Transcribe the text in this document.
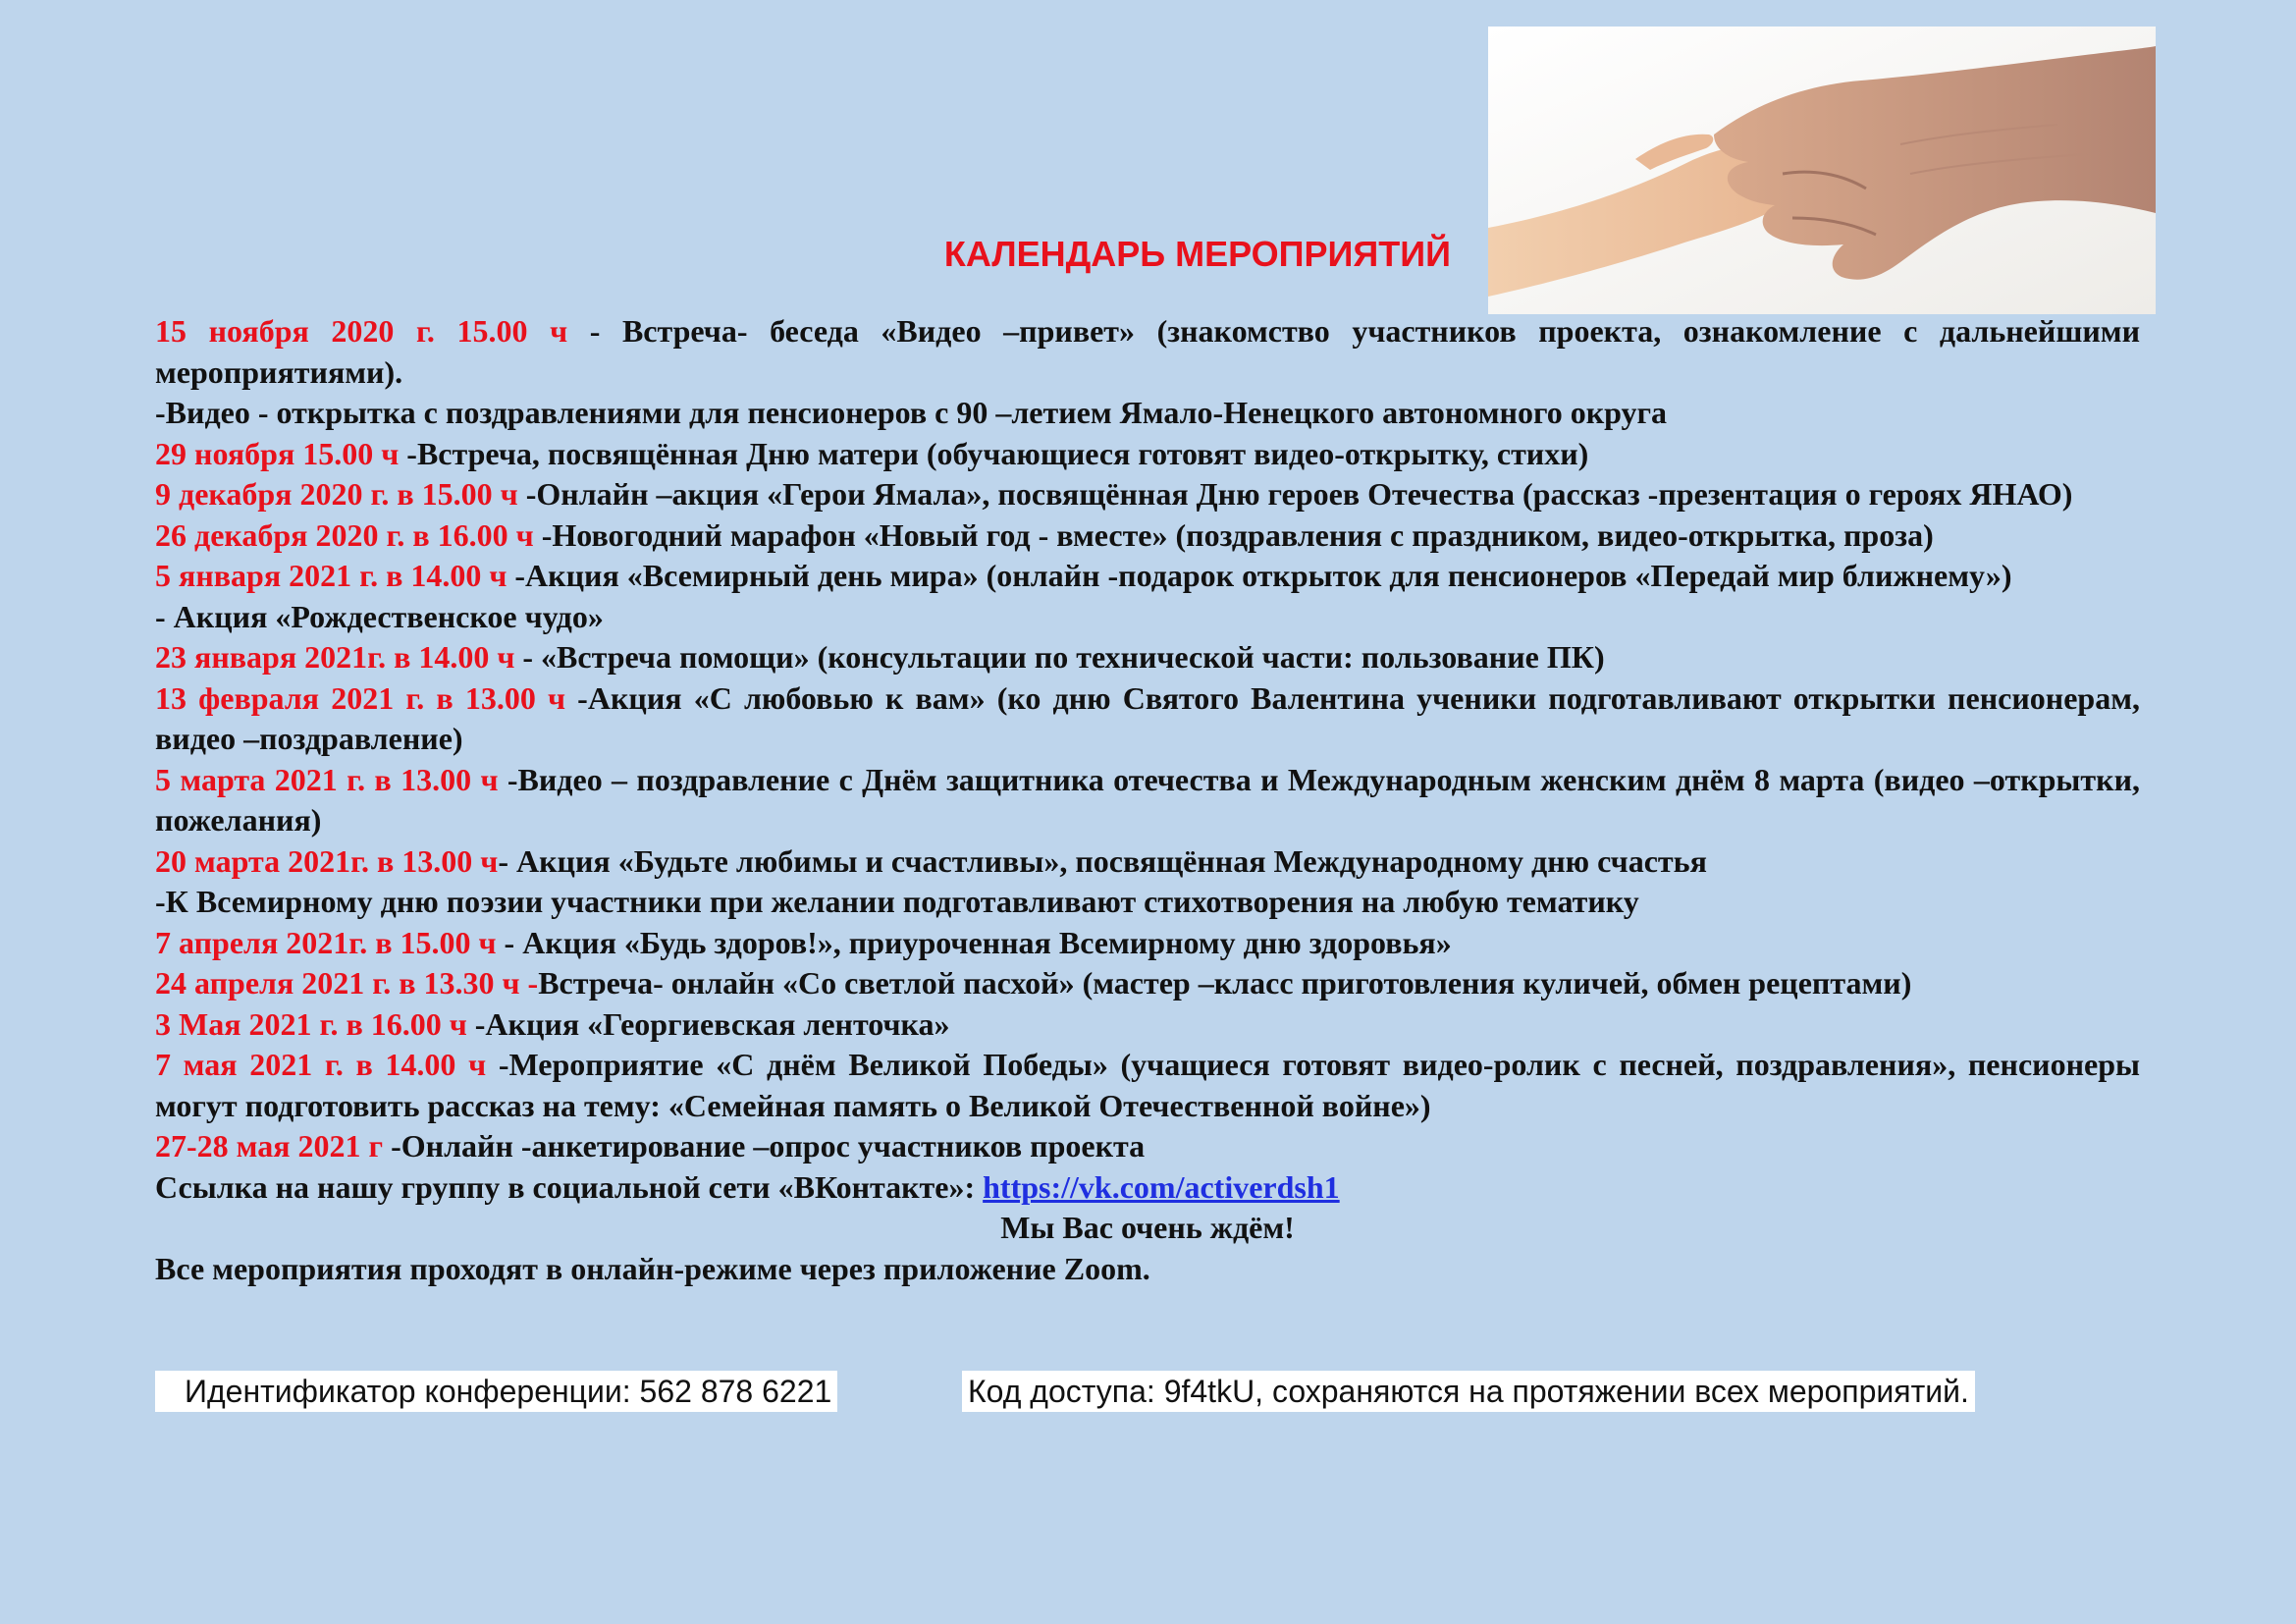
КАЛЕНДАРЬ МЕРОПРИЯТИЙ

15 ноября 2020 г. 15.00 ч - Встреча- беседа «Видео –привет» (знакомство участников проекта, ознакомление с дальнейшими мероприятиями).

-Видео - открытка с поздравлениями для пенсионеров с 90 –летием Ямало-Ненецкого автономного округа

29 ноября 15.00 ч -Встреча, посвящённая Дню матери (обучающиеся готовят видео-открытку, стихи)

9 декабря 2020 г. в 15.00 ч -Онлайн –акция «Герои Ямала», посвящённая Дню героев Отечества (рассказ -презентация о героях ЯНАО)

26 декабря 2020 г. в 16.00 ч -Новогодний марафон «Новый год - вместе» (поздравления с праздником, видео-открытка, проза)

5 января 2021 г. в 14.00 ч -Акция «Всемирный день мира» (онлайн -подарок открыток для пенсионеров «Передай мир ближнему»)

- Акция «Рождественское чудо»

23 января 2021г. в 14.00 ч - «Встреча помощи» (консультации по технической части: пользование ПК)

13 февраля 2021 г. в 13.00 ч -Акция «С любовью к вам» (ко дню Святого Валентина ученики подготавливают открытки пенсионерам, видео –поздравление)

5 марта 2021 г. в 13.00 ч -Видео – поздравление с Днём защитника отечества и Международным женским днём 8 марта (видео –открытки, пожелания)

20 марта 2021г. в 13.00 ч- Акция «Будьте любимы и счастливы», посвящённая Международному дню счастья

-К Всемирному дню поэзии участники при желании подготавливают стихотворения на любую тематику

7 апреля 2021г. в 15.00 ч - Акция «Будь здоров!», приуроченная Всемирному дню здоровья»

24 апреля 2021 г. в 13.30 ч -Встреча- онлайн «Со светлой пасхой» (мастер –класс приготовления куличей, обмен рецептами)

3 Мая 2021 г. в 16.00 ч -Акция «Георгиевская ленточка»

7 мая 2021 г. в 14.00 ч -Мероприятие «С днём Великой Победы» (учащиеся готовят видео-ролик с песней, поздравления», пенсионеры могут подготовить рассказ на тему: «Семейная память о Великой Отечественной войне»)

27-28 мая 2021 г -Онлайн -анкетирование –опрос участников проекта

Ссылка на нашу группу в социальной сети «ВКонтакте»: https://vk.com/activerdsh1

Мы Вас очень ждём!

Все мероприятия проходят в онлайн-режиме через приложение Zoom.

Идентификатор конференции: 562 878 6221	Код доступа: 9f4tkU, сохраняются на протяжении всех мероприятий.
